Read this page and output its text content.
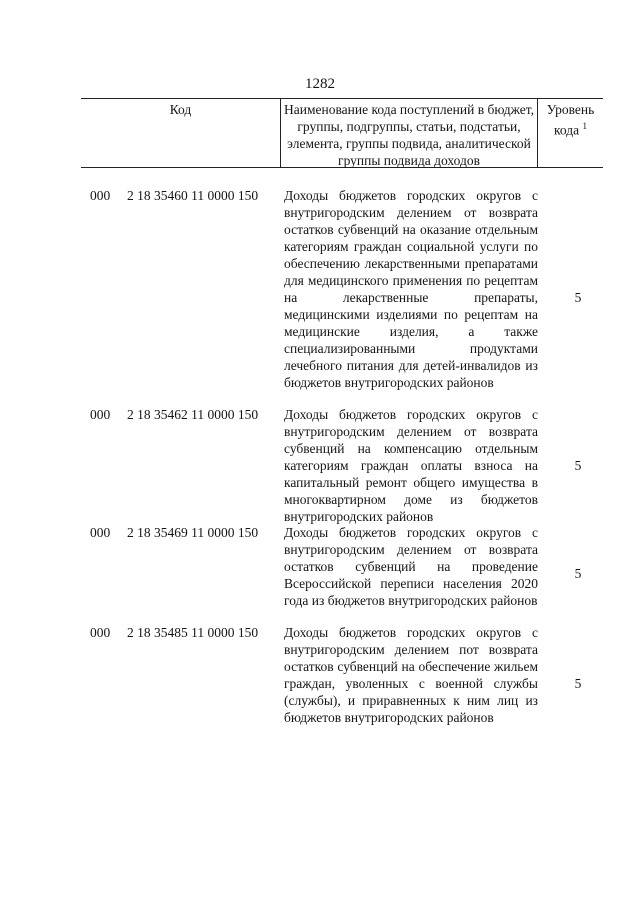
1282
Код	Наименование кода поступлений в бюджет, группы, подгруппы, статьи, подстатьи, элемента, группы подвида, аналитической группы подвида доходов
Уровень кода $^1$
000 2 18 35460 11 0000 150 Доходы бюджетов городских округов с внутригородским делением от возврата остатков субвенций на оказание отдельным категориям граждан социальной услуги по обеспечению лекарственными препаратами для медицинского применения по рецептам на лекарственные препараты, медицинскими изделиями по рецептам на медицинские изделия, а также специализированными продуктами лечебного питания для детей-инвалидов из бюджетов внутригородских районов
5
000 2 18 35462 11 0000 150 Доходы бюджетов городских округов с внутригородским делением от возврата субвенций на компенсацию отдельным категориям граждан оплаты взноса на капитальный ремонт общего имущества в многоквартирном доме из бюджетов внутригородских районов
5
000 2 18 35469 11 0000 150 Доходы бюджетов городских округов с внутригородским делением от возврата остатков субвенций на проведение Всероссийской переписи населения 2020 года из бюджетов внутригородских районов
5
000 2 18 35485 11 0000 150 Доходы бюджетов городских округов с внутригородским делением пот возврата остатков субвенций на обеспечение жильем граждан, уволенных с военной службы (службы), и приравненных к ним лиц из бюджетов внутригородских районов
5
